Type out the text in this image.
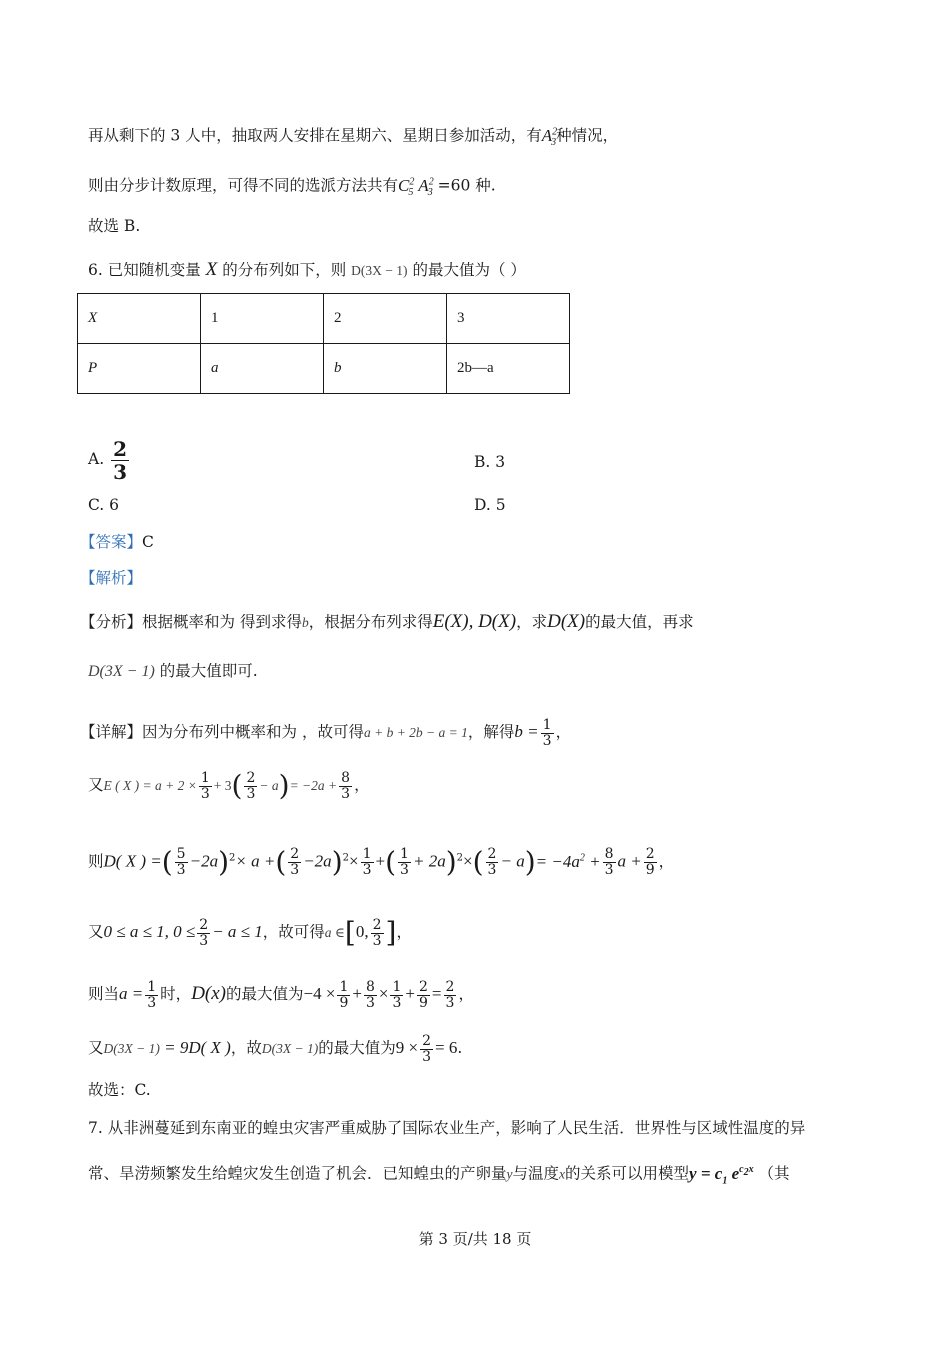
再从剩下的 3 人中，抽取两人安排在星期六、星期日参加活动，有$A^2_3$种情况，
则由分步计数原理，可得不同的选派方法共有$C^2_5$ $A^2_3 =60$ 种.
故选 B.
6. 已知随机变量 X 的分布列如下，则 D(3X − 1) 的最大值为（ ）
X	1	2	3
P	a	b	2b—a
A. $\frac{2}{3}$	B. 3
C. 6	D. 5
【答案】C
【解析】
【分析】根据概率和为 得到求得b，根据分布列求得E(X), D(X)，求D(X)的最大值，再求
D(3X − 1) 的最大值即可.
【详解】因为分布列中概率和为 ，故可得a + b + 2b − a = 1，解得$b = \frac{1}{3}$ ，
又E ( X ) = $a + 2 \times \frac{1}{3} + 3( \frac{2}{3} - a)= -2a + \frac{8}{3}$ ，
则D( X ) =( $\frac{5}{3} -2a)^2\times a$ +( $\frac{2}{3} -2a)^2\times \frac{1}{3}$ +( $\frac{1}{3} + 2a)^2\times( \frac{2}{3} - a)= -4a^2 + \frac{8}{3}$ $a + \frac{2}{9}$ ，
又0 ≤ a ≤ 1, $0 \le \frac{2}{3} - a \le 1$，故可得a ∈[0, $\frac{2}{3}$ ]，
则当$a = \frac{1}{3}$ 时，D(x)的最大值为$-4 \times \frac{1}{9} + \frac{8}{3} \times \frac{1}{3} + \frac{2}{9} = \frac{2}{3}$ ，
又D(3X − 1) = 9D( X )，故D(3X − 1)的最大值为$9 \times \frac{2}{3} = 6$.
故选：C.
7. 从非洲蔓延到东南亚的蝗虫灾害严重威胁了国际农业生产，影响了人民生活．世界性与区域性温度的异
常、旱涝频繁发生给蝗灾发生创造了机会．已知蝗虫的产卵量y与温度x的关系可以用模型$y = c_1$ $e^{c_2x}$ （其
第 3 页/共 18 页
